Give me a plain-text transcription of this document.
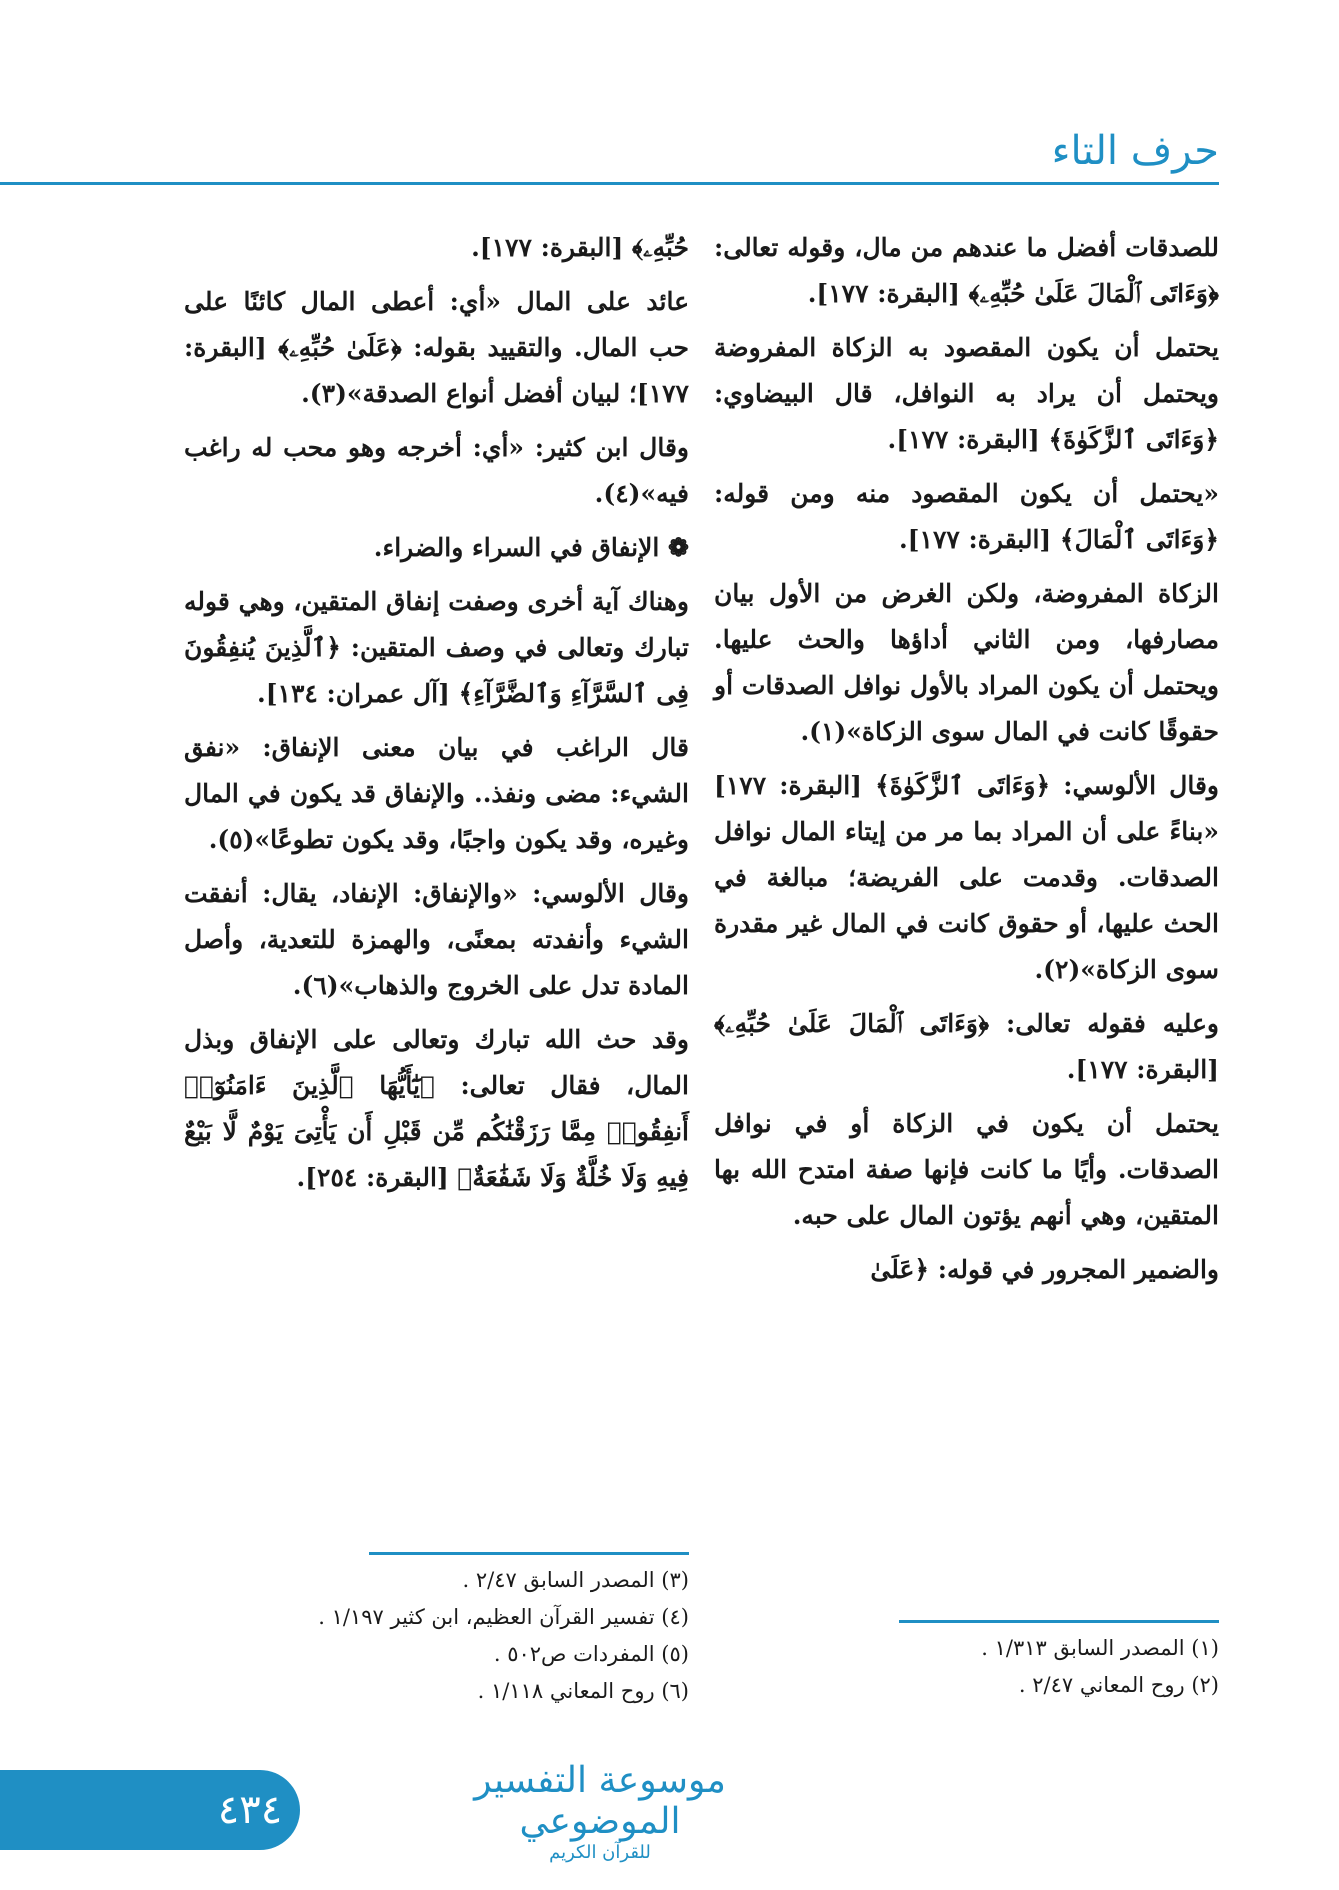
حرف التاء

للصدقات أفضل ما عندهم من مال، وقوله تعالى: ﴿وَءَاتَى ٱلْمَالَ عَلَىٰ حُبِّهِۦ﴾ [البقرة: ١٧٧].

يحتمل أن يكون المقصود به الزكاة المفروضة ويحتمل أن يراد به النوافل، قال البيضاوي: ﴿وَءَاتَى ٱلزَّكَوٰةَ﴾ [البقرة: ١٧٧].

«يحتمل أن يكون المقصود منه ومن قوله: ﴿وَءَاتَى ٱلْمَالَ﴾ [البقرة: ١٧٧].

الزكاة المفروضة، ولكن الغرض من الأول بيان مصارفها، ومن الثاني أداؤها والحث عليها. ويحتمل أن يكون المراد بالأول نوافل الصدقات أو حقوقًا كانت في المال سوى الزكاة»(١).

وقال الألوسي: ﴿وَءَاتَى ٱلزَّكَوٰةَ﴾ [البقرة: ١٧٧] «بناءً على أن المراد بما مر من إيتاء المال نوافل الصدقات. وقدمت على الفريضة؛ مبالغة في الحث عليها، أو حقوق كانت في المال غير مقدرة سوى الزكاة»(٢).

وعليه فقوله تعالى: ﴿وَءَاتَى ٱلْمَالَ عَلَىٰ حُبِّهِۦ﴾ [البقرة: ١٧٧].

يحتمل أن يكون في الزكاة أو في نوافل الصدقات. وأيًا ما كانت فإنها صفة امتدح الله بها المتقين، وهي أنهم يؤتون المال على حبه.

والضمير المجرور في قوله: ﴿عَلَىٰ

حُبِّهِۦ﴾ [البقرة: ١٧٧].

عائد على المال «أي: أعطى المال كائنًا على حب المال. والتقييد بقوله: ﴿عَلَىٰ حُبِّهِۦ﴾ [البقرة: ١٧٧]؛ لبيان أفضل أنواع الصدقة»(٣).

وقال ابن كثير: «أي: أخرجه وهو محب له راغب فيه»(٤).

❁ الإنفاق في السراء والضراء.

وهناك آية أخرى وصفت إنفاق المتقين، وهي قوله تبارك وتعالى في وصف المتقين: ﴿ٱلَّذِينَ يُنفِقُونَ فِى ٱلسَّرَّآءِ وَٱلضَّرَّآءِ﴾ [آل عمران: ١٣٤].

قال الراغب في بيان معنى الإنفاق: «نفق الشيء: مضى ونفذ.. والإنفاق قد يكون في المال وغيره، وقد يكون واجبًا، وقد يكون تطوعًا»(٥).

وقال الألوسي: «والإنفاق: الإنفاد، يقال: أنفقت الشيء وأنفدته بمعنًى، والهمزة للتعدية، وأصل المادة تدل على الخروج والذهاب»(٦).

وقد حث الله تبارك وتعالى على الإنفاق وبذل المال، فقال تعالى: ﴿يَٰٓأَيُّهَا ٱلَّذِينَ ءَامَنُوٓا۟ أَنفِقُوا۟ مِمَّا رَزَقْنَٰكُم مِّن قَبْلِ أَن يَأْتِىَ يَوْمٌ لَّا بَيْعٌ فِيهِ وَلَا خُلَّةٌ وَلَا شَفَٰعَةٌ﴾ [البقرة: ٢٥٤].

(١) المصدر السابق ١/٣١٣ .
(٢) روح المعاني ٢/٤٧ .
(٣) المصدر السابق ٢/٤٧ .
(٤) تفسير القرآن العظيم، ابن كثير ١/١٩٧ .
(٥) المفردات ص٥٠٢ .
(٦) روح المعاني ١/١١٨ .
٤٣٤
موسوعة التفسير الموضوعي
للقرآن الكريم
